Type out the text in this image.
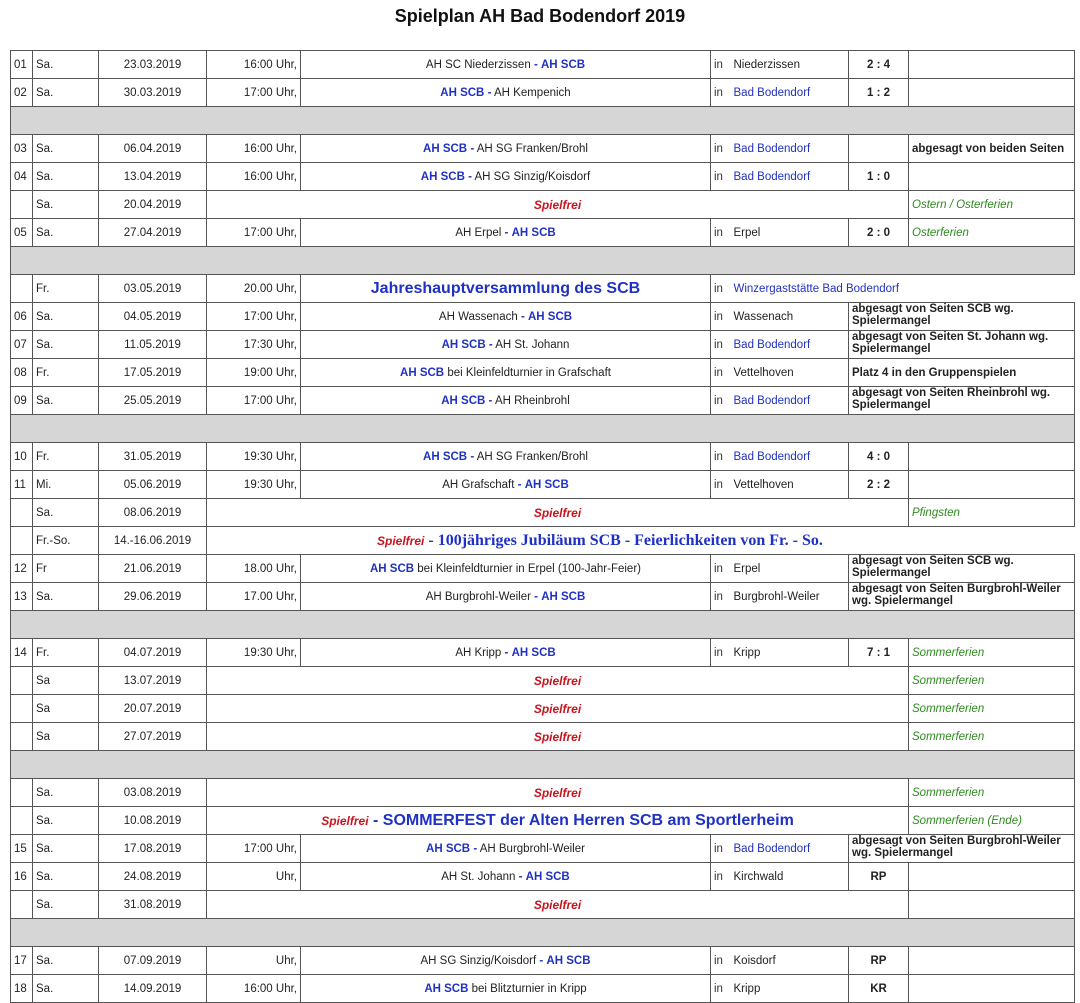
Spielplan AH Bad Bodendorf 2019
01	Sa.	23.03.2019	16:00 Uhr,	AH SC Niederzissen - AH SCB	in	Niederzissen	2 : 4	
02	Sa.	30.03.2019	17:00 Uhr,	AH SCB - AH Kempenich	in	Bad Bodendorf	1 : 2	

03	Sa.	06.04.2019	16:00 Uhr,	AH SCB - AH SG Franken/Brohl	in	Bad Bodendorf		abgesagt von beiden Seiten
04	Sa.	13.04.2019	16:00 Uhr,	AH SCB - AH SG Sinzig/Koisdorf	in	Bad Bodendorf	1 : 0	
	Sa.	20.04.2019	Spielfrei					Ostern / Osterferien
05	Sa.	27.04.2019	17:00 Uhr,	AH Erpel - AH SCB	in	Erpel	2 : 0	Osterferien

	Fr.	03.05.2019	20.00 Uhr,	Jahreshauptversammlung des SCB	in	Winzergaststätte Bad Bodendorf		
06	Sa.	04.05.2019	17:00 Uhr,	AH Wassenach - AH SCB	in	Wassenach	abgesagt von Seiten SCB wg. Spielermangel	
07	Sa.	11.05.2019	17:30 Uhr,	AH SCB - AH St. Johann	in	Bad Bodendorf	abgesagt von Seiten St. Johann wg. Spielermangel	
08	Fr.	17.05.2019	19:00 Uhr,	AH SCB bei Kleinfeldturnier in Grafschaft	in	Vettelhoven	Platz 4 in den Gruppenspielen	
09	Sa.	25.05.2019	17:00 Uhr,	AH SCB - AH Rheinbrohl	in	Bad Bodendorf	abgesagt von Seiten Rheinbrohl wg. Spielermangel	

10	Fr.	31.05.2019	19:30 Uhr,	AH SCB - AH SG Franken/Brohl	in	Bad Bodendorf	4 : 0	
11	Mi.	05.06.2019	19:30 Uhr,	AH Grafschaft - AH SCB	in	Vettelhoven	2 : 2	
	Sa.	08.06.2019	Spielfrei					Pfingsten
	Fr.-So.	14.-16.06.2019	Spielfrei - 100jähriges Jubiläum SCB - Feierlichkeiten von Fr. - So.					
12	Fr	21.06.2019	18.00 Uhr,	AH SCB bei Kleinfeldturnier in Erpel (100-Jahr-Feier)	in	Erpel	abgesagt von Seiten SCB wg. Spielermangel	
13	Sa.	29.06.2019	17.00 Uhr,	AH Burgbrohl-Weiler - AH SCB	in	Burgbrohl-Weiler	abgesagt von Seiten Burgbrohl-Weiler wg. Spielermangel	

14	Fr.	04.07.2019	19:30 Uhr,	AH Kripp - AH SCB	in	Kripp	7 : 1	Sommerferien
	Sa	13.07.2019	Spielfrei					Sommerferien
	Sa	20.07.2019	Spielfrei					Sommerferien
	Sa	27.07.2019	Spielfrei					Sommerferien

	Sa.	03.08.2019	Spielfrei					Sommerferien
	Sa.	10.08.2019	Spielfrei - SOMMERFEST der Alten Herren SCB am Sportlerheim					Sommerferien (Ende)
15	Sa.	17.08.2019	17:00 Uhr,	AH SCB - AH Burgbrohl-Weiler	in	Bad Bodendorf	abgesagt von Seiten Burgbrohl-Weiler wg. Spielermangel	
16	Sa.	24.08.2019	Uhr,	AH St. Johann - AH SCB	in	Kirchwald	RP	
	Sa.	31.08.2019	Spielfrei					

17	Sa.	07.09.2019	Uhr,	AH SG Sinzig/Koisdorf - AH SCB	in	Koisdorf	RP	
18	Sa.	14.09.2019	16:00 Uhr,	AH SCB bei Blitzturnier in Kripp	in	Kripp	KR	
